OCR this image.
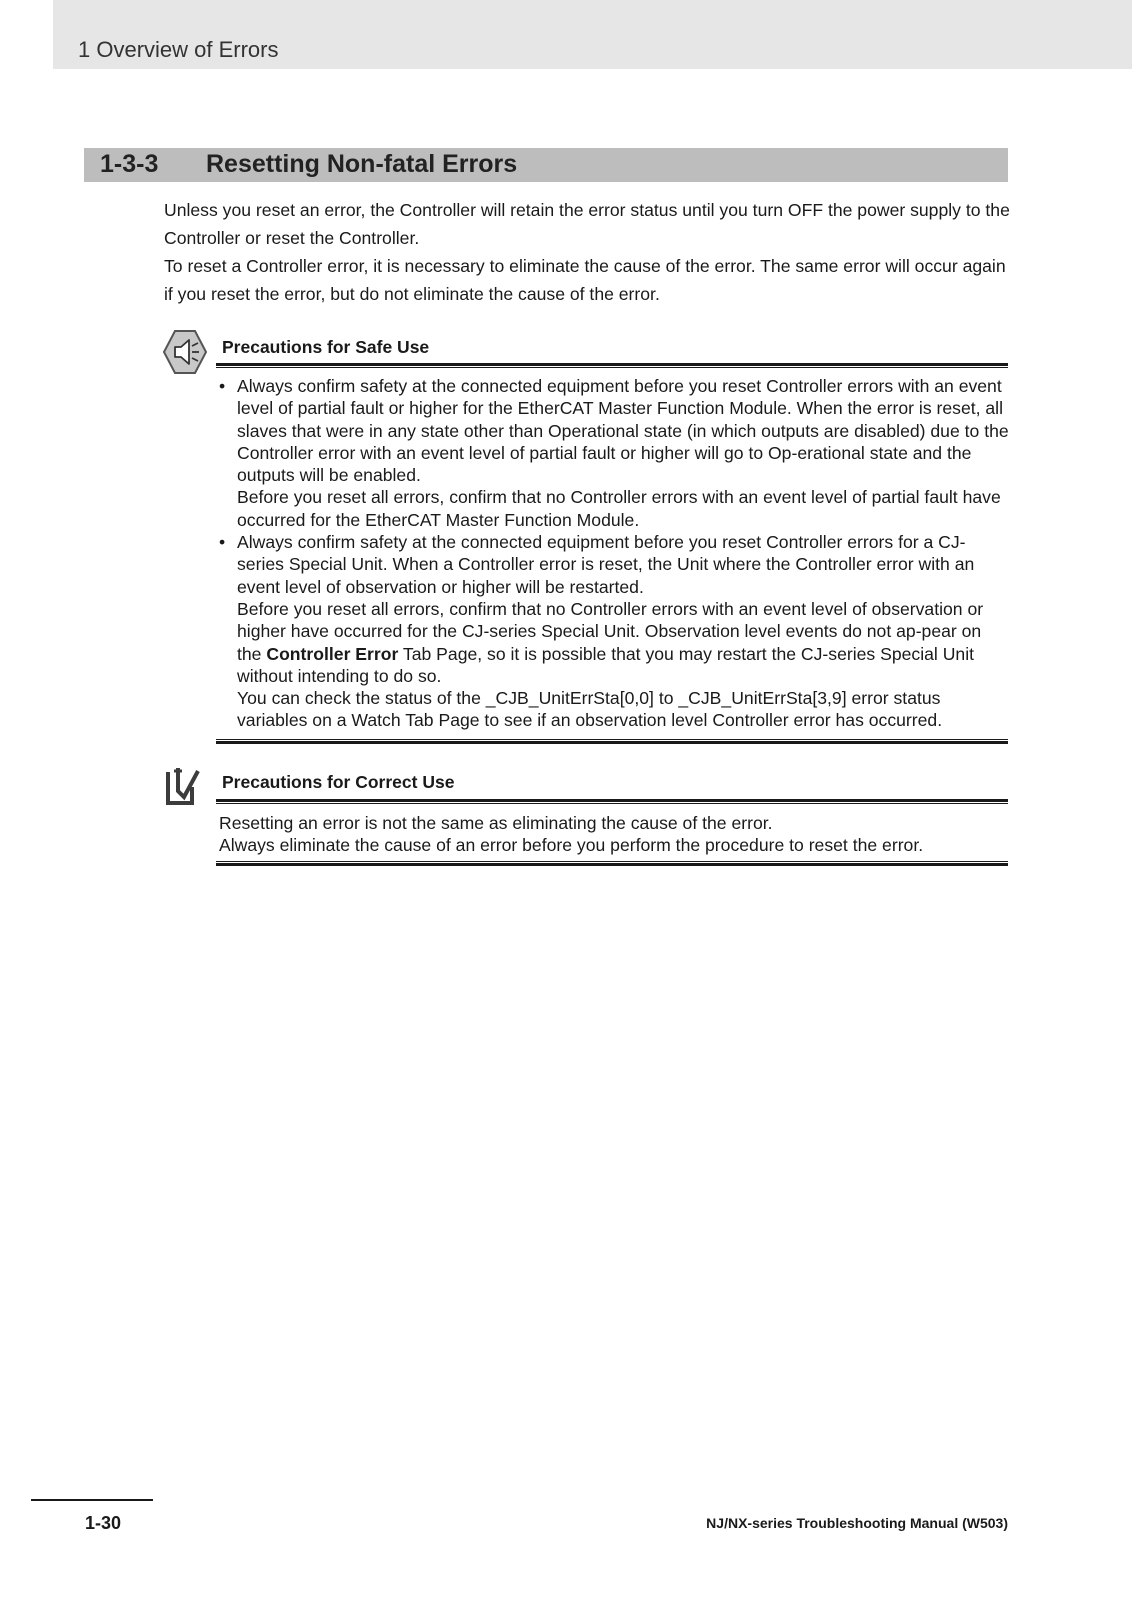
1 Overview of Errors
1-3-3 Resetting Non-fatal Errors

Unless you reset an error, the Controller will retain the error status until you turn OFF the power supply to the Controller or reset the Controller.

To reset a Controller error, it is necessary to eliminate the cause of the error. The same error will occur again if you reset the error, but do not eliminate the cause of the error.

Precautions for Safe Use
• Always confirm safety at the connected equipment before you reset Controller errors with an event level of partial fault or higher for the EtherCAT Master Function Module. When the error is reset, all slaves that were in any state other than Operational state (in which outputs are disabled) due to the Controller error with an event level of partial fault or higher will go to Op-erational state and the outputs will be enabled.

Before you reset all errors, confirm that no Controller errors with an event level of partial fault have occurred for the EtherCAT Master Function Module.

• Always confirm safety at the connected equipment before you reset Controller errors for a CJ-series Special Unit. When a Controller error is reset, the Unit where the Controller error with an event level of observation or higher will be restarted.

Before you reset all errors, confirm that no Controller errors with an event level of observation or higher have occurred for the CJ-series Special Unit. Observation level events do not ap-pear on the Controller Error Tab Page, so it is possible that you may restart the CJ-series Special Unit without intending to do so.

You can check the status of the _CJB_UnitErrSta[0,0] to _CJB_UnitErrSta[3,9] error status variables on a Watch Tab Page to see if an observation level Controller error has occurred.

Precautions for Correct Use

Resetting an error is not the same as eliminating the cause of the error.

Always eliminate the cause of an error before you perform the procedure to reset the error.

1-30	NJ/NX-series Troubleshooting Manual (W503)
